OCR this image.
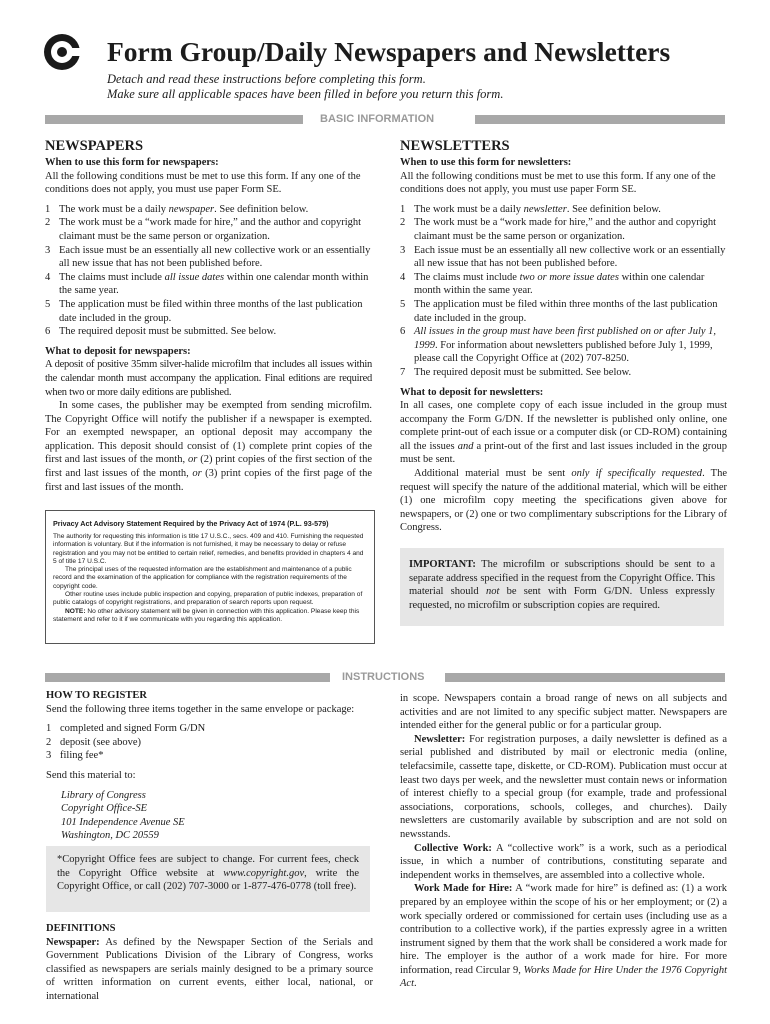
Form Group/Daily Newspapers and Newsletters
Detach and read these instructions before completing this form.
Make sure all applicable spaces have been filled in before you return this form.
BASIC INFORMATION
NEWSPAPERS
When to use this form for newspapers:
All the following conditions must be met to use this form. If any one of the conditions does not apply, you must use paper Form SE.
1 The work must be a daily newspaper. See definition below.
2 The work must be a “work made for hire,” and the author and copyright claimant must be the same person or organization.
3 Each issue must be an essentially all new collective work or an essentially all new issue that has not been published before.
4 The claims must include all issue dates within one calendar month within the same year.
5 The application must be filed within three months of the last publication date included in the group.
6 The required deposit must be submitted. See below.
What to deposit for newspapers:
A deposit of positive 35mm silver-halide microfilm that includes all issues within the calendar month must accompany the application. Final editions are required when two or more daily editions are published.
In some cases, the publisher may be exempted from sending microfilm. The Copyright Office will notify the publisher if a newspaper is exempted. For an exempted newspaper, an optional deposit may accompany the application. This deposit should consist of (1) complete print copies of the first and last issues of the month, or (2) print copies of the first section of the first and last issues of the month, or (3) print copies of the first page of the first and last issues of the month.
Privacy Act Advisory Statement Required by the Privacy Act of 1974 (P.L. 93-579)
The authority for requesting this information is title 17 U.S.C., secs. 409 and 410. Furnishing the requested information is voluntary. But if the information is not furnished, it may be necessary to delay or refuse registration and you may not be entitled to certain relief, remedies, and benefits provided in chapters 4 and 5 of title 17 U.S.C.
The principal uses of the requested information are the establishment and maintenance of a public record and the examination of the application for compliance with the registration requirements of the copyright code.
Other routine uses include public inspection and copying, preparation of public indexes, preparation of public catalogs of copyright registrations, and preparation of search reports upon request.
NOTE: No other advisory statement will be given in connection with this application. Please keep this statement and refer to it if we communicate with you regarding this application.
NEWSLETTERS
When to use this form for newsletters:
All the following conditions must be met to use this form. If any one of the conditions does not apply, you must use paper Form SE.
1 The work must be a daily newsletter. See definition below.
2 The work must be a “work made for hire,” and the author and copyright claimant must be the same person or organization.
3 Each issue must be an essentially all new collective work or an essentially all new issue that has not been published before.
4 The claims must include two or more issue dates within one calendar month within the same year.
5 The application must be filed within three months of the last publication date included in the group.
6 All issues in the group must have been first published on or after July 1, 1999. For information about newsletters published before July 1, 1999, please call the Copyright Office at (202) 707-8250.
7 The required deposit must be submitted. See below.
What to deposit for newsletters:
In all cases, one complete copy of each issue included in the group must accompany the Form G/DN. If the newsletter is published only online, one complete print-out of each issue or a computer disk (or CD-ROM) containing all the issues and a print-out of the first and last issues included in the group must be sent.
Additional material must be sent only if specifically requested. The request will specify the nature of the additional material, which will be either (1) one microfilm copy meeting the specifications given above for newspapers, or (2) one or two complimentary subscriptions for the Library of Congress.
IMPORTANT: The microfilm or subscriptions should be sent to a separate address specified in the request from the Copyright Office. This material should not be sent with Form G/DN. Unless expressly requested, no microfilm or subscription copies are required.
INSTRUCTIONS
HOW TO REGISTER
Send the following three items together in the same envelope or package:
1 completed and signed Form G/DN
2 deposit (see above)
3 filing fee*
Send this material to:
Library of Congress
Copyright Office-SE
101 Independence Avenue SE
Washington, DC 20559
*Copyright Office fees are subject to change. For current fees, check the Copyright Office website at www.copyright.gov, write the Copyright Office, or call (202) 707-3000 or 1-877-476-0778 (toll free).
DEFINITIONS
Newspaper: As defined by the Newspaper Section of the Serials and Government Publications Division of the Library of Congress, works classified as newspapers are serials mainly designed to be a primary source of written information on current events, either local, national, or international
in scope. Newspapers contain a broad range of news on all subjects and activities and are not limited to any specific subject matter. Newspapers are intended either for the general public or for a particular group.
Newsletter: For registration purposes, a daily newsletter is defined as a serial published and distributed by mail or electronic media (online, telefacsimile, cassette tape, diskette, or CD-ROM). Publication must occur at least two days per week, and the newsletter must contain news or information of interest chiefly to a special group (for example, trade and professional associations, corporations, schools, colleges, and churches). Daily newsletters are customarily available by subscription and are not sold on newsstands.
Collective Work: A “collective work” is a work, such as a periodical issue, in which a number of contributions, constituting separate and independent works in themselves, are assembled into a collective whole.
Work Made for Hire: A “work made for hire” is defined as: (1) a work prepared by an employee within the scope of his or her employment; or (2) a work specially ordered or commissioned for certain uses (including use as a contribution to a collective work), if the parties expressly agree in a written instrument signed by them that the work shall be considered a work made for hire. The employer is the author of a work made for hire. For more information, read Circular 9, Works Made for Hire Under the 1976 Copyright Act.
